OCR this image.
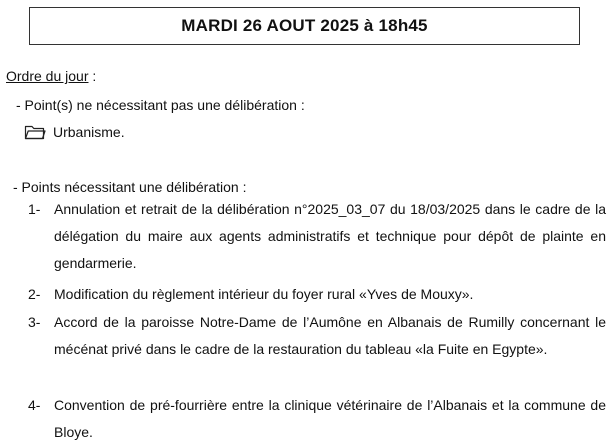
MARDI 26 AOUT 2025 à 18h45
Ordre du jour :
- Point(s) ne nécessitant pas une délibération :
Urbanisme.
- Points nécessitant une délibération :
1- Annulation et retrait de la délibération n°2025_03_07 du 18/03/2025 dans le cadre de la délégation du maire aux agents administratifs et technique pour dépôt de plainte en gendarmerie.
2- Modification du règlement intérieur du foyer rural «Yves de Mouxy».
3- Accord de la paroisse Notre-Dame de l’Aumône en Albanais de Rumilly concernant le mécénat privé dans le cadre de la restauration du tableau «la Fuite en Egypte».
4- Convention de pré-fourrière entre la clinique vétérinaire de l’Albanais et la commune de Bloye.
